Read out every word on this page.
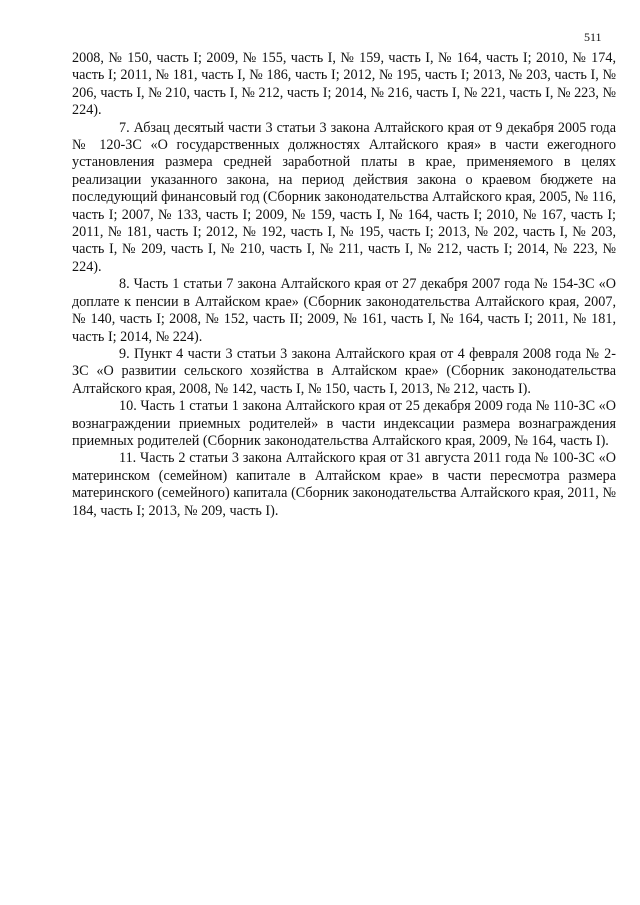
511

2008, № 150, часть I; 2009, № 155, часть I, № 159, часть I, № 164, часть I; 2010, № 174, часть I; 2011, № 181, часть I, № 186, часть I; 2012, № 195, часть I; 2013, № 203, часть I, № 206, часть I, № 210, часть I, № 212, часть I; 2014, № 216, часть I, № 221, часть I, № 223, № 224).

7. Абзац десятый части 3 статьи 3 закона Алтайского края от 9 декабря 2005 года № 120-ЗС «О государственных должностях Алтайского края» в части ежегодного установления размера средней заработной платы в крае, применяемого в целях реализации указанного закона, на период действия закона о краевом бюджете на последующий финансовый год (Сборник законодательства Алтайского края, 2005, № 116, часть I; 2007, № 133, часть I; 2009, № 159, часть I, № 164, часть I; 2010, № 167, часть I; 2011, № 181, часть I; 2012, № 192, часть I, № 195, часть I; 2013, № 202, часть I, № 203, часть I, № 209, часть I, № 210, часть I, № 211, часть I, № 212, часть I; 2014, № 223, № 224).

8. Часть 1 статьи 7 закона Алтайского края от 27 декабря 2007 года № 154-ЗС «О доплате к пенсии в Алтайском крае» (Сборник законодательства Алтайского края, 2007, № 140, часть I; 2008, № 152, часть II; 2009, № 161, часть I, № 164, часть I; 2011, № 181, часть I; 2014, № 224).

9. Пункт 4 части 3 статьи 3 закона Алтайского края от 4 февраля 2008 года № 2-ЗС «О развитии сельского хозяйства в Алтайском крае» (Сборник законодательства Алтайского края, 2008, № 142, часть I, № 150, часть I, 2013, № 212, часть I).

10. Часть 1 статьи 1 закона Алтайского края от 25 декабря 2009 года № 110-ЗС «О вознаграждении приемных родителей» в части индексации размера вознаграждения приемных родителей (Сборник законодательства Алтайского края, 2009, № 164, часть I).

11. Часть 2 статьи 3 закона Алтайского края от 31 августа 2011 года № 100-ЗС «О материнском (семейном) капитале в Алтайском крае» в части пересмотра размера материнского (семейного) капитала (Сборник законодательства Алтайского края, 2011, № 184, часть I; 2013, № 209, часть I).
